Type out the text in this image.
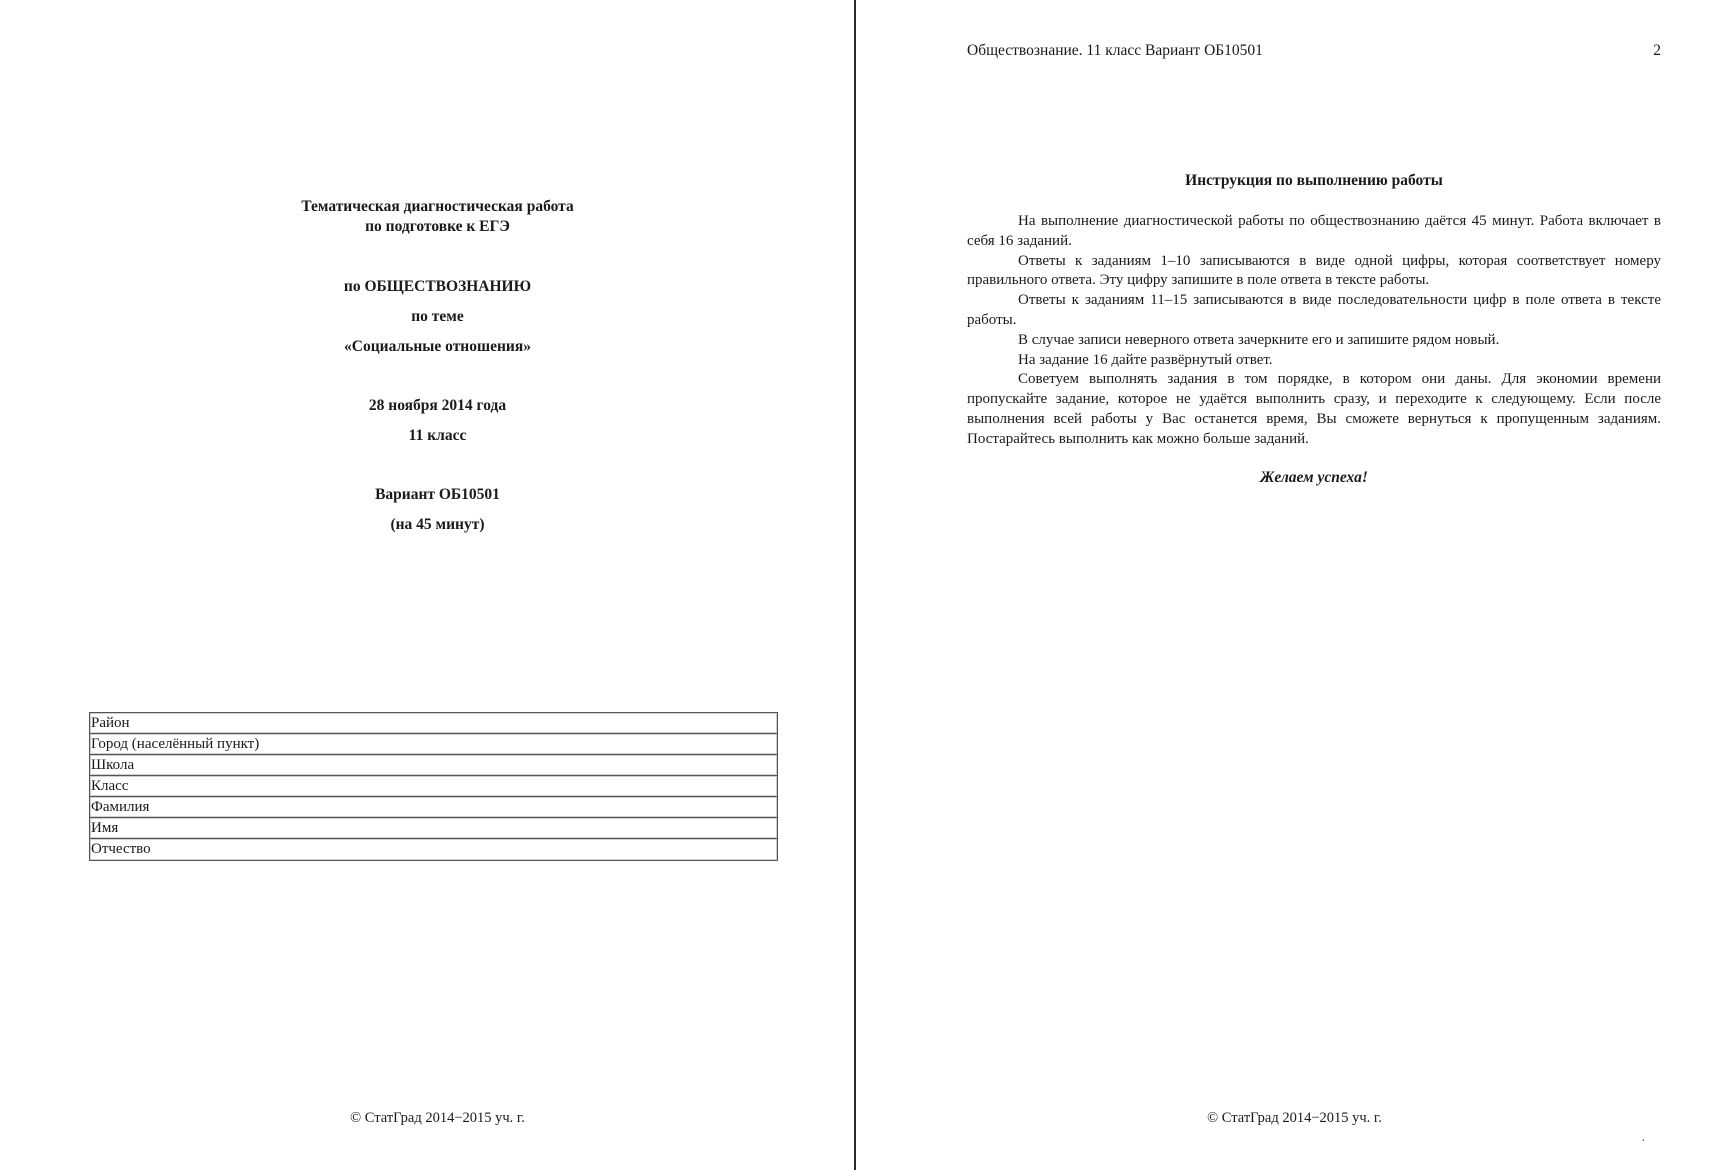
Тематическая диагностическая работа
по подготовке к ЕГЭ
по ОБЩЕСТВОЗНАНИЮ
по теме
«Социальные отношения»
28 ноября 2014 года
11 класс
Вариант ОБ10501
(на 45 минут)
Район
Город (населённый пункт)
Школа
Класс
Фамилия
Имя
Отчество
© СтатГрад 2014−2015 уч. г.
Обществознание. 11 класс Вариант ОБ10501	2
Инструкция по выполнению работы

На выполнение диагностической работы по обществознанию даётся 45 минут. Работа включает в себя 16 заданий.

Ответы к заданиям 1–10 записываются в виде одной цифры, которая соответствует номеру правильного ответа. Эту цифру запишите в поле ответа в тексте работы.

Ответы к заданиям 11–15 записываются в виде последовательности цифр в поле ответа в тексте работы.

В случае записи неверного ответа зачеркните его и запишите рядом новый.

На задание 16 дайте развёрнутый ответ.

Советуем выполнять задания в том порядке, в котором они даны. Для экономии времени пропускайте задание, которое не удаётся выполнить сразу, и переходите к следующему. Если после выполнения всей работы у Вас останется время, Вы сможете вернуться к пропущенным заданиям. Постарайтесь выполнить как можно больше заданий.

Желаем успеха!
© СтатГрад 2014−2015 уч. г.
·
